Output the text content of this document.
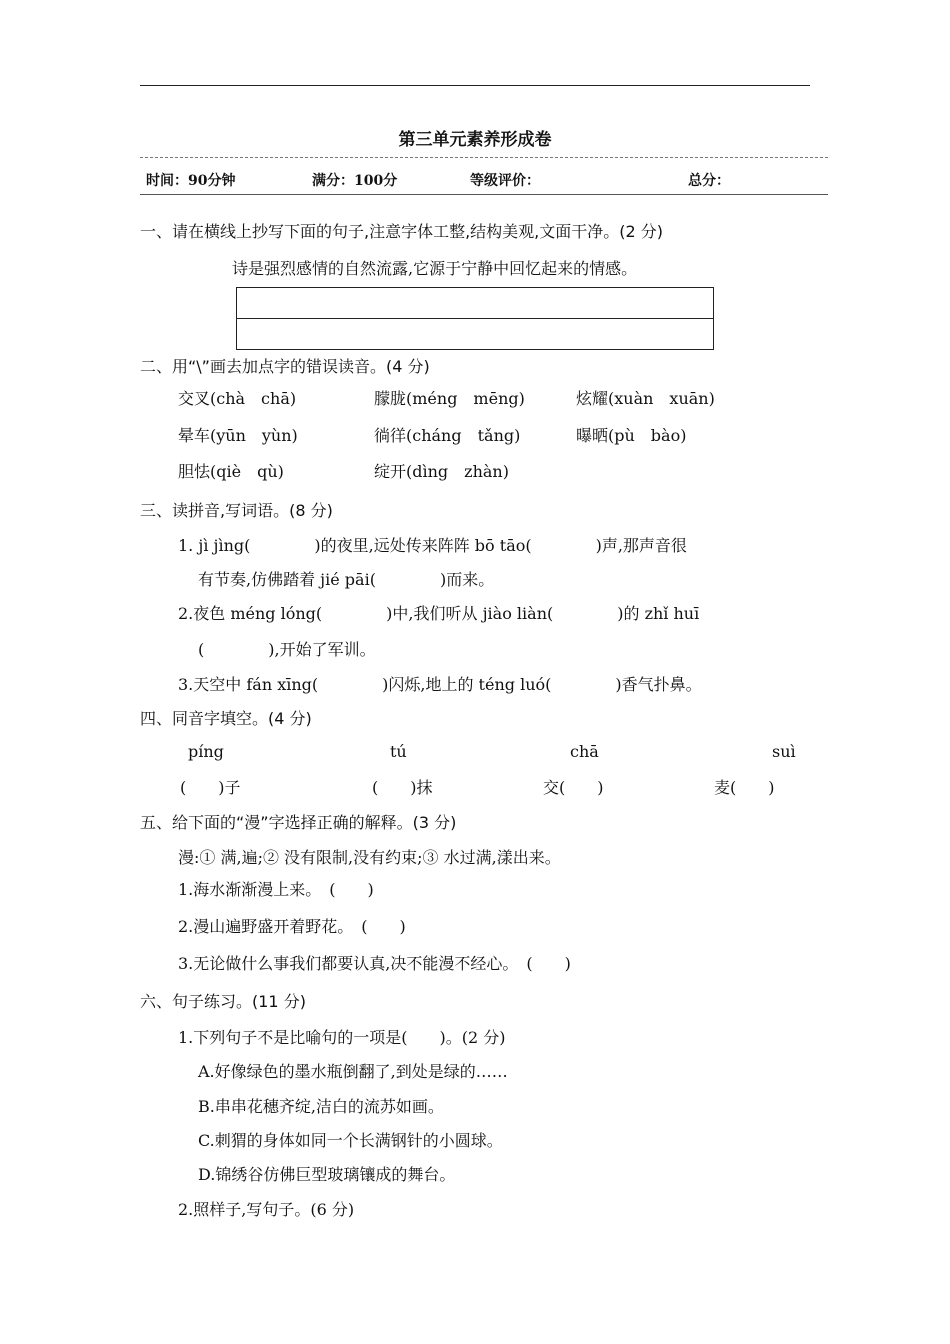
第三单元素养形成卷
时间：90分钟	满分：100分	等级评价：	总分：
一、请在横线上抄写下面的句子,注意字体工整,结构美观,文面干净。(2 分)
诗是强烈感情的自然流露,它源于宁静中回忆起来的情感。
二、用“\”画去加点字的错误读音。(4 分)
交叉(chà　chā)	朦胧(méng　mēng)	炫耀(xuàn　xuān)
晕车(yūn　yùn)	徜徉(cháng　tǎng)	曝晒(pù　bào)
胆怯(qiè　qù)	绽开(dìng　zhàn)
三、读拼音,写词语。(8 分)
1. jì jìng(　　　　)的夜里,远处传来阵阵 bō tāo(　　　　)声,那声音很
有节奏,仿佛踏着 jié pāi(　　　　)而来。
2.夜色 méng lóng(　　　　)中,我们听从 jiào liàn(　　　　)的 zhǐ huī
(　　　　),开始了军训。
3.天空中 fán xīng(　　　　)闪烁,地上的 téng luó(　　　　)香气扑鼻。
四、同音字填空。(4 分)
píng	tú	chā	suì
(　　)子	(　　)抹	交(　　)	麦(　　)
五、给下面的“漫”字选择正确的解释。(3 分)
漫:① 满,遍;② 没有限制,没有约束;③ 水过满,漾出来。
1.海水渐渐漫上来。　(　　)
2.漫山遍野盛开着野花。　(　　)
3.无论做什么事我们都要认真,决不能漫不经心。　(　　)
六、句子练习。(11 分)
1.下列句子不是比喻句的一项是(　　)。(2 分)
A.好像绿色的墨水瓶倒翻了,到处是绿的……
B.串串花穗齐绽,洁白的流苏如画。
C.刺猬的身体如同一个长满钢针的小圆球。
D.锦绣谷仿佛巨型玻璃镶成的舞台。
2.照样子,写句子。(6 分)
